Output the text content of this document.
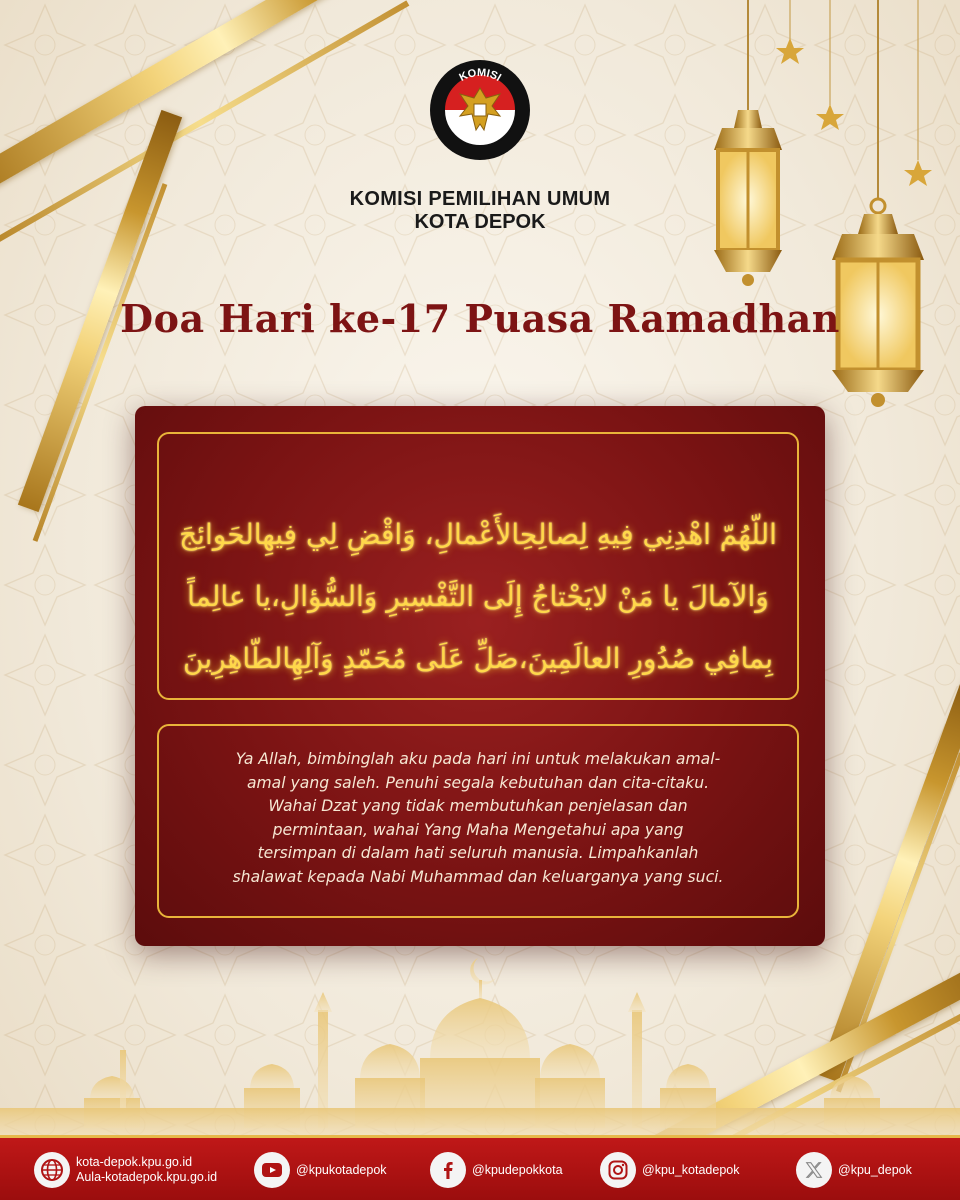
KOMISI
KOMISI PEMILIHAN UMUM
KOTA DEPOK
Doa Hari ke-17 Puasa Ramadhan
اللّهُمّ اهْدِنِي فِيهِ لِصالِحِالأَعْمالِ، وَاقْضِ لِي فِيهِالحَوائِجَ
وَالآمالَ يا مَنْ لايَحْتاجُ إِلَى التَّفْسِيرِ وَالسُّؤالِ،يا عالِماً
بِمافِي صُدُورِ العالَمِينَ،صَلِّ عَلَى مُحَمّدٍ وَآلِهِالطّاهِرِينَ
Ya Allah, bimbinglah aku pada hari ini untuk melakukan amal-
amal yang saleh. Penuhi segala kebutuhan dan cita-citaku.
Wahai Dzat yang tidak membutuhkan penjelasan dan
permintaan, wahai Yang Maha Mengetahui apa yang
tersimpan di dalam hati seluruh manusia. Limpahkanlah
shalawat kepada Nabi Muhammad dan keluarganya yang suci.
kota-depok.kpu.go.id
Aula-kotadepok.kpu.go.id
@kpukotadepok	@kpudepokkota	@kpu_kotadepok	@kpu_depok
